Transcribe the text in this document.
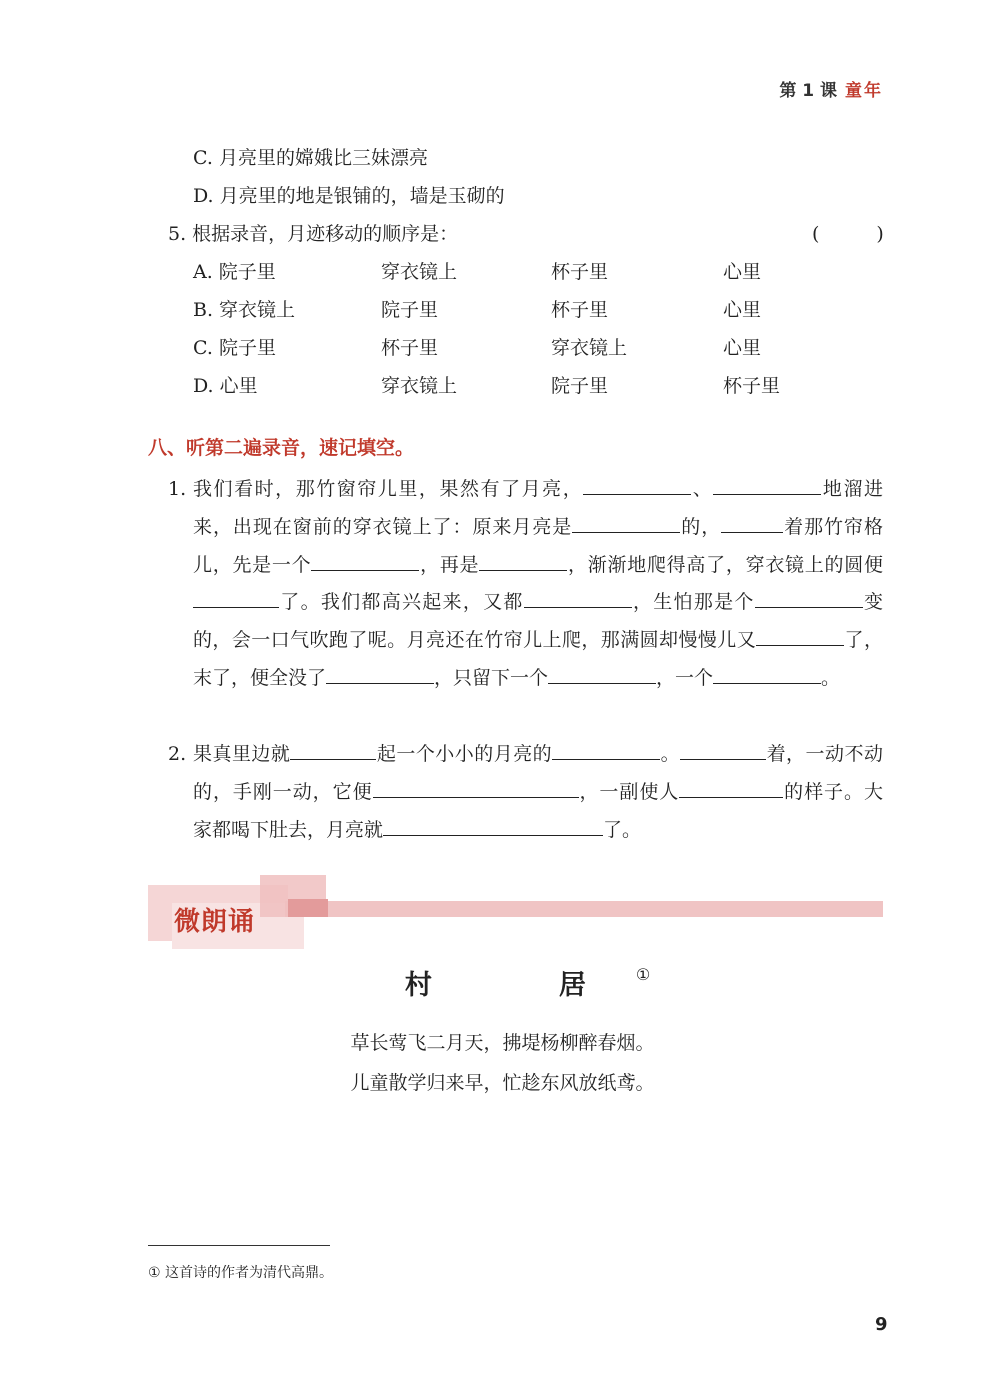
第 1 课 童年
C. 月亮里的嫦娥比三妹漂亮
D. 月亮里的地是银铺的，墙是玉砌的
5. 根据录音，月迹移动的顺序是：	(　　　)
A. 院子里	穿衣镜上	杯子里	心里
B. 穿衣镜上	院子里	杯子里	心里
C. 院子里	杯子里	穿衣镜上	心里
D. 心里	穿衣镜上	院子里	杯子里
八、听第二遍录音，速记填空。
1. 我们看时，那竹窗帘儿里，果然有了月亮，	、	地溜进来，出现在窗前的穿衣镜上了：原来月亮是	的，	着那竹帘格儿，先是一个	，再是	，渐渐地爬得高了，穿衣镜上的圆便了。我们都高兴起来，又都	，生怕那是个	变的，会一口气吹跑了呢。月亮还在竹帘儿上爬，那满圆却慢慢儿又	了，末了，便全没了	，只留下一个	，一个	。
2. 果真里边就	起一个小小的月亮的	。	着，一动不动的，手刚一动，它便	，一副使人	的样子。大家都喝下肚去，月亮就	了。
微朗诵
村　居①
草长莺飞二月天，拂堤杨柳醉春烟。
儿童散学归来早，忙趁东风放纸鸢。
① 这首诗的作者为清代高鼎。
9
